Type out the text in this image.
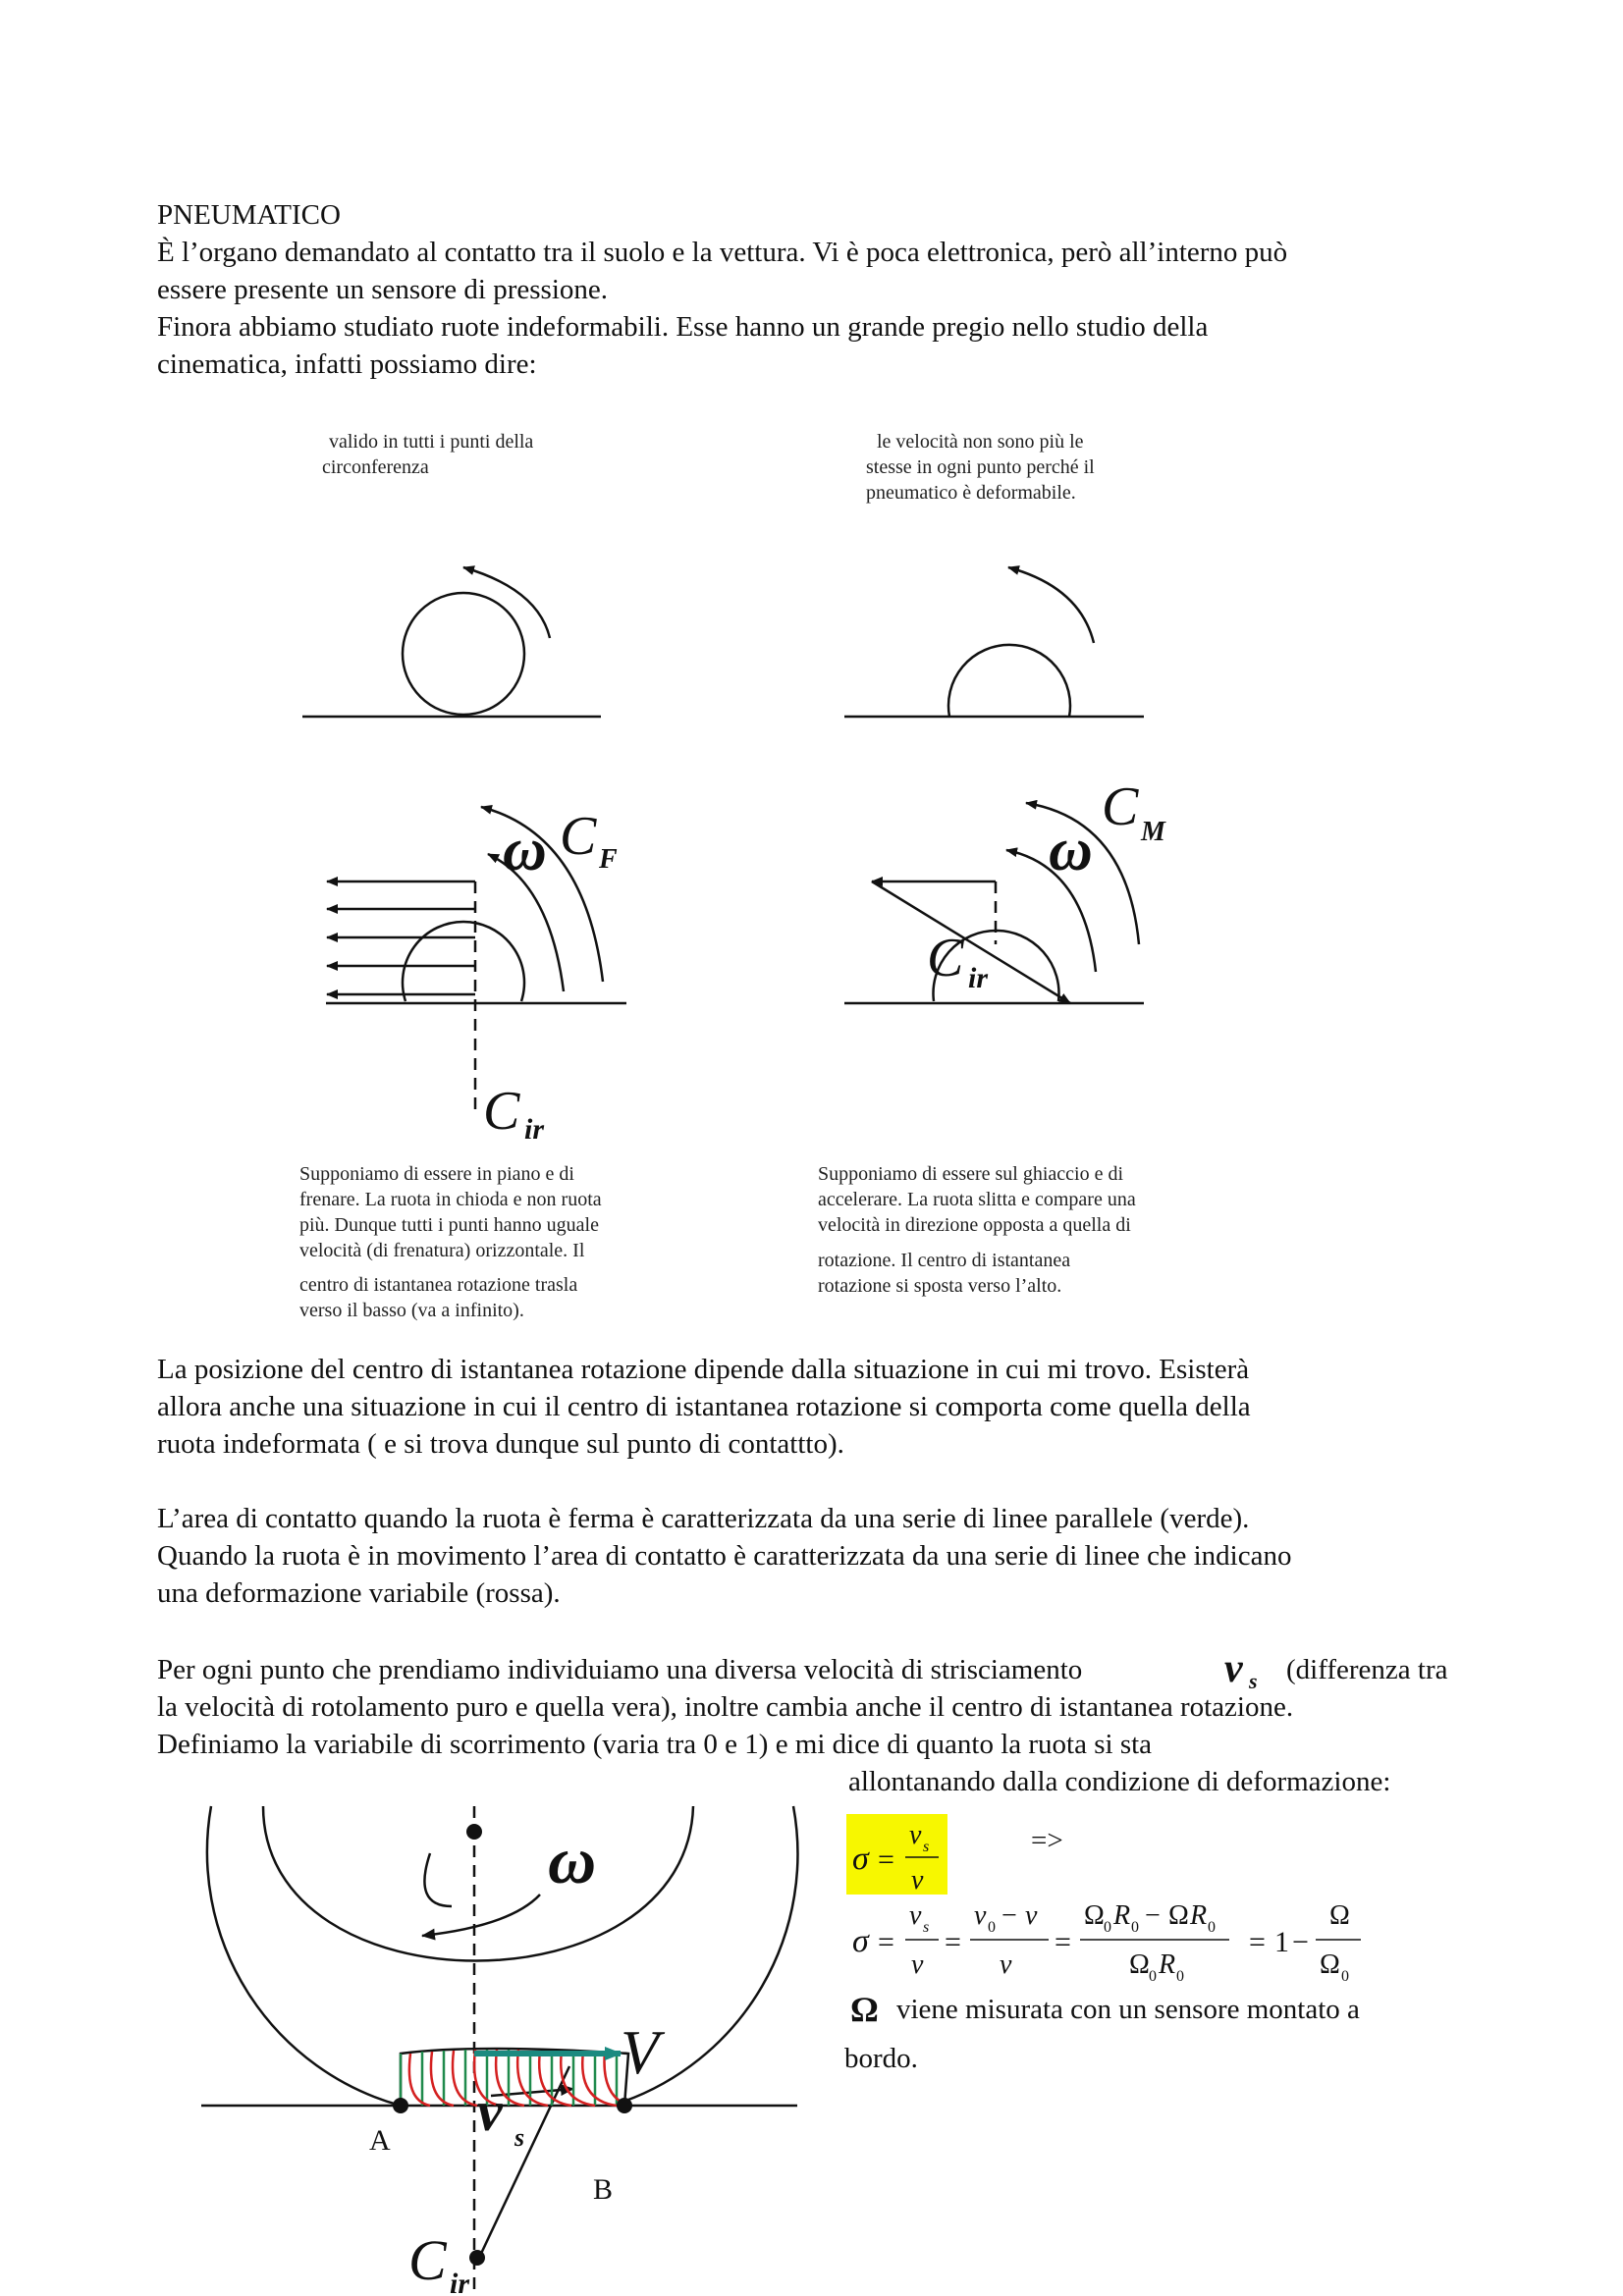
PNEUMATICO

È l’organo demandato al contatto tra il suolo e la vettura. Vi è poca elettronica, però all’interno può

essere presente un sensore di pressione.

Finora abbiamo studiato ruote indeformabili. Esse hanno un grande pregio nello studio della

cinematica, infatti possiamo dire:

valido in tutti i punti della

circonferenza

le velocità non sono più le

stesse in ogni punto perché il

pneumatico è deformabile.

ω C F
C ir
ω
C M
C ir

Supponiamo di essere in piano e di

frenare. La ruota in chioda e non ruota

più. Dunque tutti i punti hanno uguale

velocità (di frenatura) orizzontale. Il

centro di istantanea rotazione trasla

verso il basso (va a infinito).

Supponiamo di essere sul ghiaccio e di

accelerare. La ruota slitta e compare una

velocità in direzione opposta a quella di

rotazione. Il centro di istantanea

rotazione si sposta verso l’alto.

La posizione del centro di istantanea rotazione dipende dalla situazione in cui mi trovo. Esisterà

allora anche una situazione in cui il centro di istantanea rotazione si comporta come quella della

ruota indeformata ( e si trova dunque sul punto di contattto).

L’area di contatto quando la ruota è ferma è caratterizzata da una serie di linee parallele (verde).

Quando la ruota è in movimento l’area di contatto è caratterizzata da una serie di linee che indicano

una deformazione variabile (rossa).

Per ogni punto che prendiamo individuiamo una diversa velocità di strisciamento	v s (differenza tra

la velocità di rotolamento puro e quella vera), inoltre cambia anche il centro di istantanea rotazione.

Definiamo la variabile di scorrimento (varia tra 0 e 1) e mi dice di quanto la ruota si sta

allontanando dalla condizione di deformazione:

σ =
v s
v

=>

σ =
v s
v
=
v 0 − v
v
=
Ω 0 R 0 − Ω R 0
Ω 0 R 0
= 1 −
Ω
Ω 0
Ω viene misurata con un sensore montato a

bordo.

ω
V
v s
A
B
C ir
